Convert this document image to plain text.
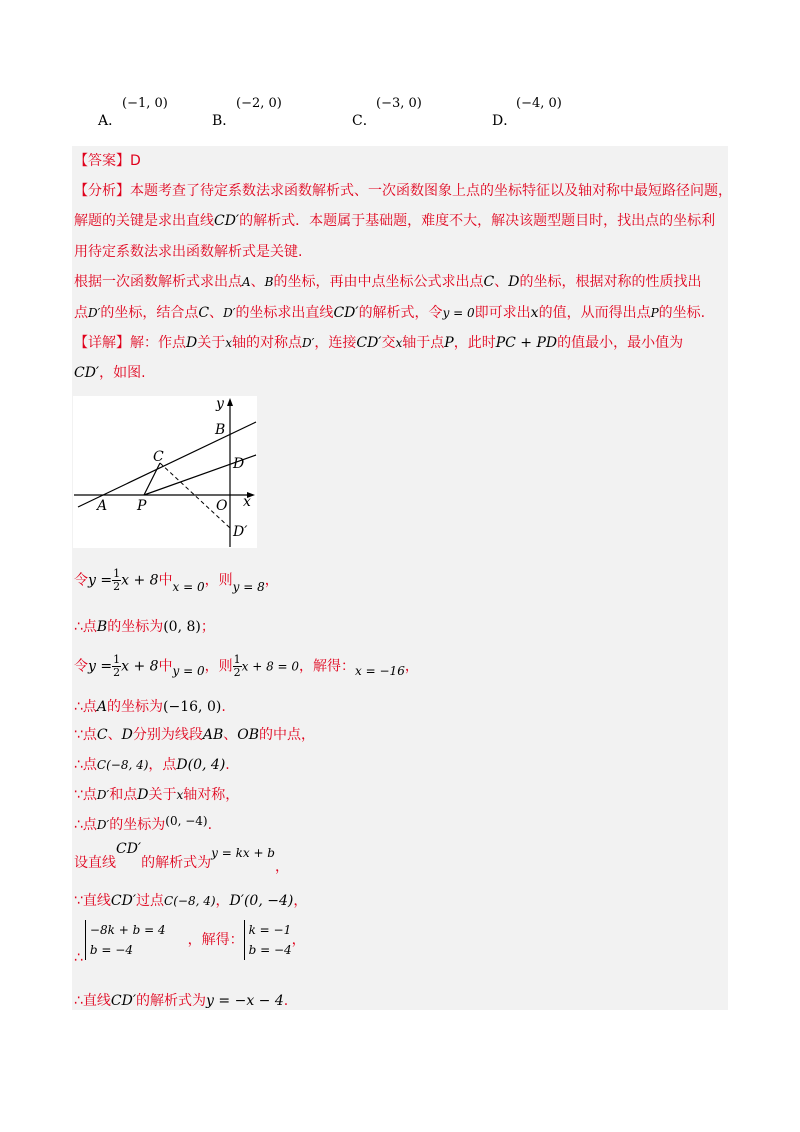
A．
(−1, 0)
B．
(−2, 0)
C．
(−3, 0)
D．
(−4, 0)
【答案】D
【分析】本题考查了待定系数法求函数解析式、一次函数图象上点的坐标特征以及轴对称中最短路径问题，
解题的关键是求出直线CD′的解析式．本题属于基础题，难度不大，解决该题型题目时，找出点的坐标利
用待定系数法求出函数解析式是关键.
根据一次函数解析式求出点A、B的坐标，再由中点坐标公式求出点C、D的坐标，根据对称的性质找出
点D′的坐标，结合点C、D′的坐标求出直线CD′的解析式，令y = 0即可求出x的值，从而得出点P的坐标.
【详解】解：作点D关于x轴的对称点D′，连接CD′交x轴于点P，此时PC + PD的值最小，最小值为
CD′，如图.
y
B
C	D
x
A P	O
D′
令$y = \frac{1}{2}$ x + 8中x = 0，则y = 8，
∴点B的坐标为(0, 8)；
令$y = \frac{1}{2}$ x + 8中y = 0，则 $\frac{1}{2}$ x + 8 = 0，解得：x = −16，
∴点A的坐标为(−16, 0).
∵点C、D分别为线段AB、OB的中点，
∴点C(−8, 4)，点D(0, 4).
∵点D′和点D关于x轴对称，
∴点D′的坐标为(0, −4).
设直线CD′的解析式为y = kx + b，
∵直线CD′过点C(−8, 4)，D′(0, −4)，
∴
−8k + b = 4
b = −4
，解得：
k = −1
b = −4
，
∴直线CD′的解析式为y = −x − 4.
